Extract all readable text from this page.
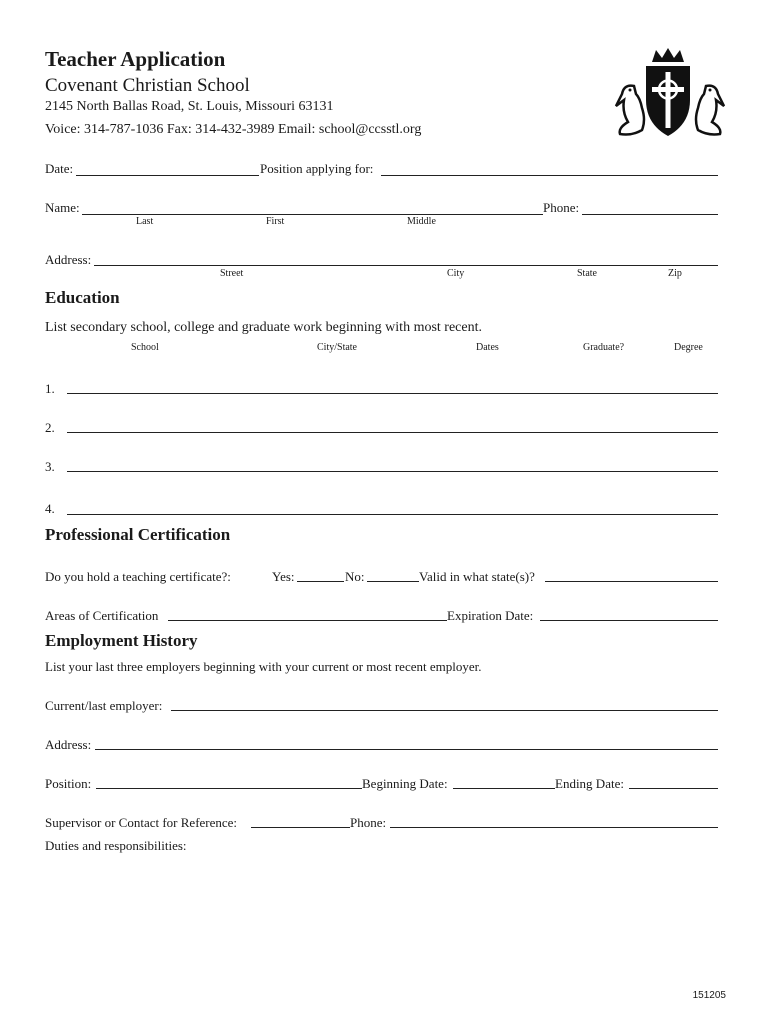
Teacher Application
Covenant Christian School
2145 North Ballas Road, St. Louis, Missouri 63131
Voice: 314-787-1036 Fax: 314-432-3989 Email: school@ccsstl.org
Date:	Position applying for:
Name:	Phone:
Last	First	Middle
Address:
Street	City	State	Zip
Education
List secondary school, college and graduate work beginning with most recent.
School	City/State	Dates	Graduate?	Degree
1.
2.
3.
4.
Professional Certification
Do you hold a teaching certificate?:	Yes:	No:	Valid in what state(s)?
Areas of Certification	Expiration Date:
Employment History
List your last three employers beginning with your current or most recent employer.
Current/last employer:
Address:
Position:	Beginning Date:	Ending Date:
Supervisor or Contact for Reference:	Phone:
Duties and responsibilities:
151205
